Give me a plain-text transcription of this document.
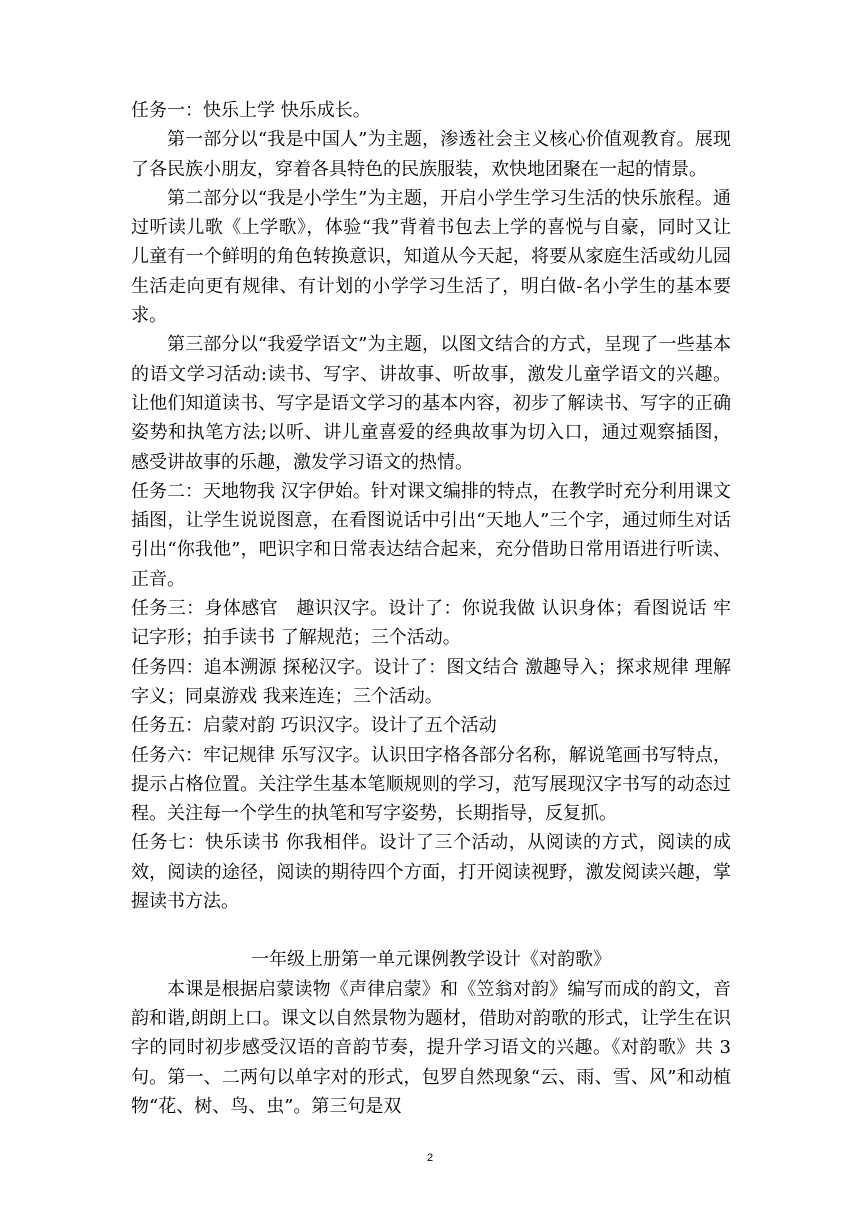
任务一：快乐上学 快乐成长。

第一部分以“我是中国人”为主题，渗透社会主义核心价值观教育。展现了各民族小朋友，穿着各具特色的民族服装，欢快地团聚在一起的情景。

第二部分以“我是小学生”为主题，开启小学生学习生活的快乐旅程。通过听读儿歌《上学歌》，体验“我”背着书包去上学的喜悦与自豪，同时又让儿童有一个鲜明的角色转换意识，知道从今天起，将要从家庭生活或幼儿园生活走向更有规律、有计划的小学学习生活了，明白做-名小学生的基本要求。

第三部分以“我爱学语文”为主题，以图文结合的方式，呈现了一些基本的语文学习活动:读书、写字、讲故事、听故事，激发儿童学语文的兴趣。让他们知道读书、写字是语文学习的基本内容，初步了解读书、写字的正确姿势和执笔方法;以听、讲儿童喜爱的经典故事为切入口，通过观察插图，感受讲故事的乐趣，激发学习语文的热情。

任务二：天地物我 汉字伊始。针对课文编排的特点，在教学时充分利用课文插图，让学生说说图意，在看图说话中引出“天地人”三个字，通过师生对话引出“你我他”，吧识字和日常表达结合起来，充分借助日常用语进行听读、正音。

任务三：身体感官　趣识汉字。设计了：你说我做 认识身体；看图说话 牢记字形；拍手读书 了解规范；三个活动。

任务四：追本溯源 探秘汉字。设计了：图文结合 激趣导入；探求规律 理解字义；同桌游戏 我来连连；三个活动。

任务五：启蒙对韵 巧识汉字。设计了五个活动

任务六：牢记规律 乐写汉字。认识田字格各部分名称，解说笔画书写特点，提示占格位置。关注学生基本笔顺规则的学习，范写展现汉字书写的动态过程。关注每一个学生的执笔和写字姿势，长期指导，反复抓。

任务七：快乐读书 你我相伴。设计了三个活动，从阅读的方式，阅读的成效，阅读的途径，阅读的期待四个方面，打开阅读视野，激发阅读兴趣，掌握读书方法。

一年级上册第一单元课例教学设计《对韵歌》

本课是根据启蒙读物《声律启蒙》和《笠翁对韵》编写而成的韵文，音韵和谐,朗朗上口。课文以自然景物为题材，借助对韵歌的形式，让学生在识字的同时初步感受汉语的音韵节奏，提升学习语文的兴趣。《对韵歌》共 3 句。第一、二两句以单字对的形式，包罗自然现象“云、雨、雪、风”和动植物“花、树、鸟、虫”。第三句是双

2
